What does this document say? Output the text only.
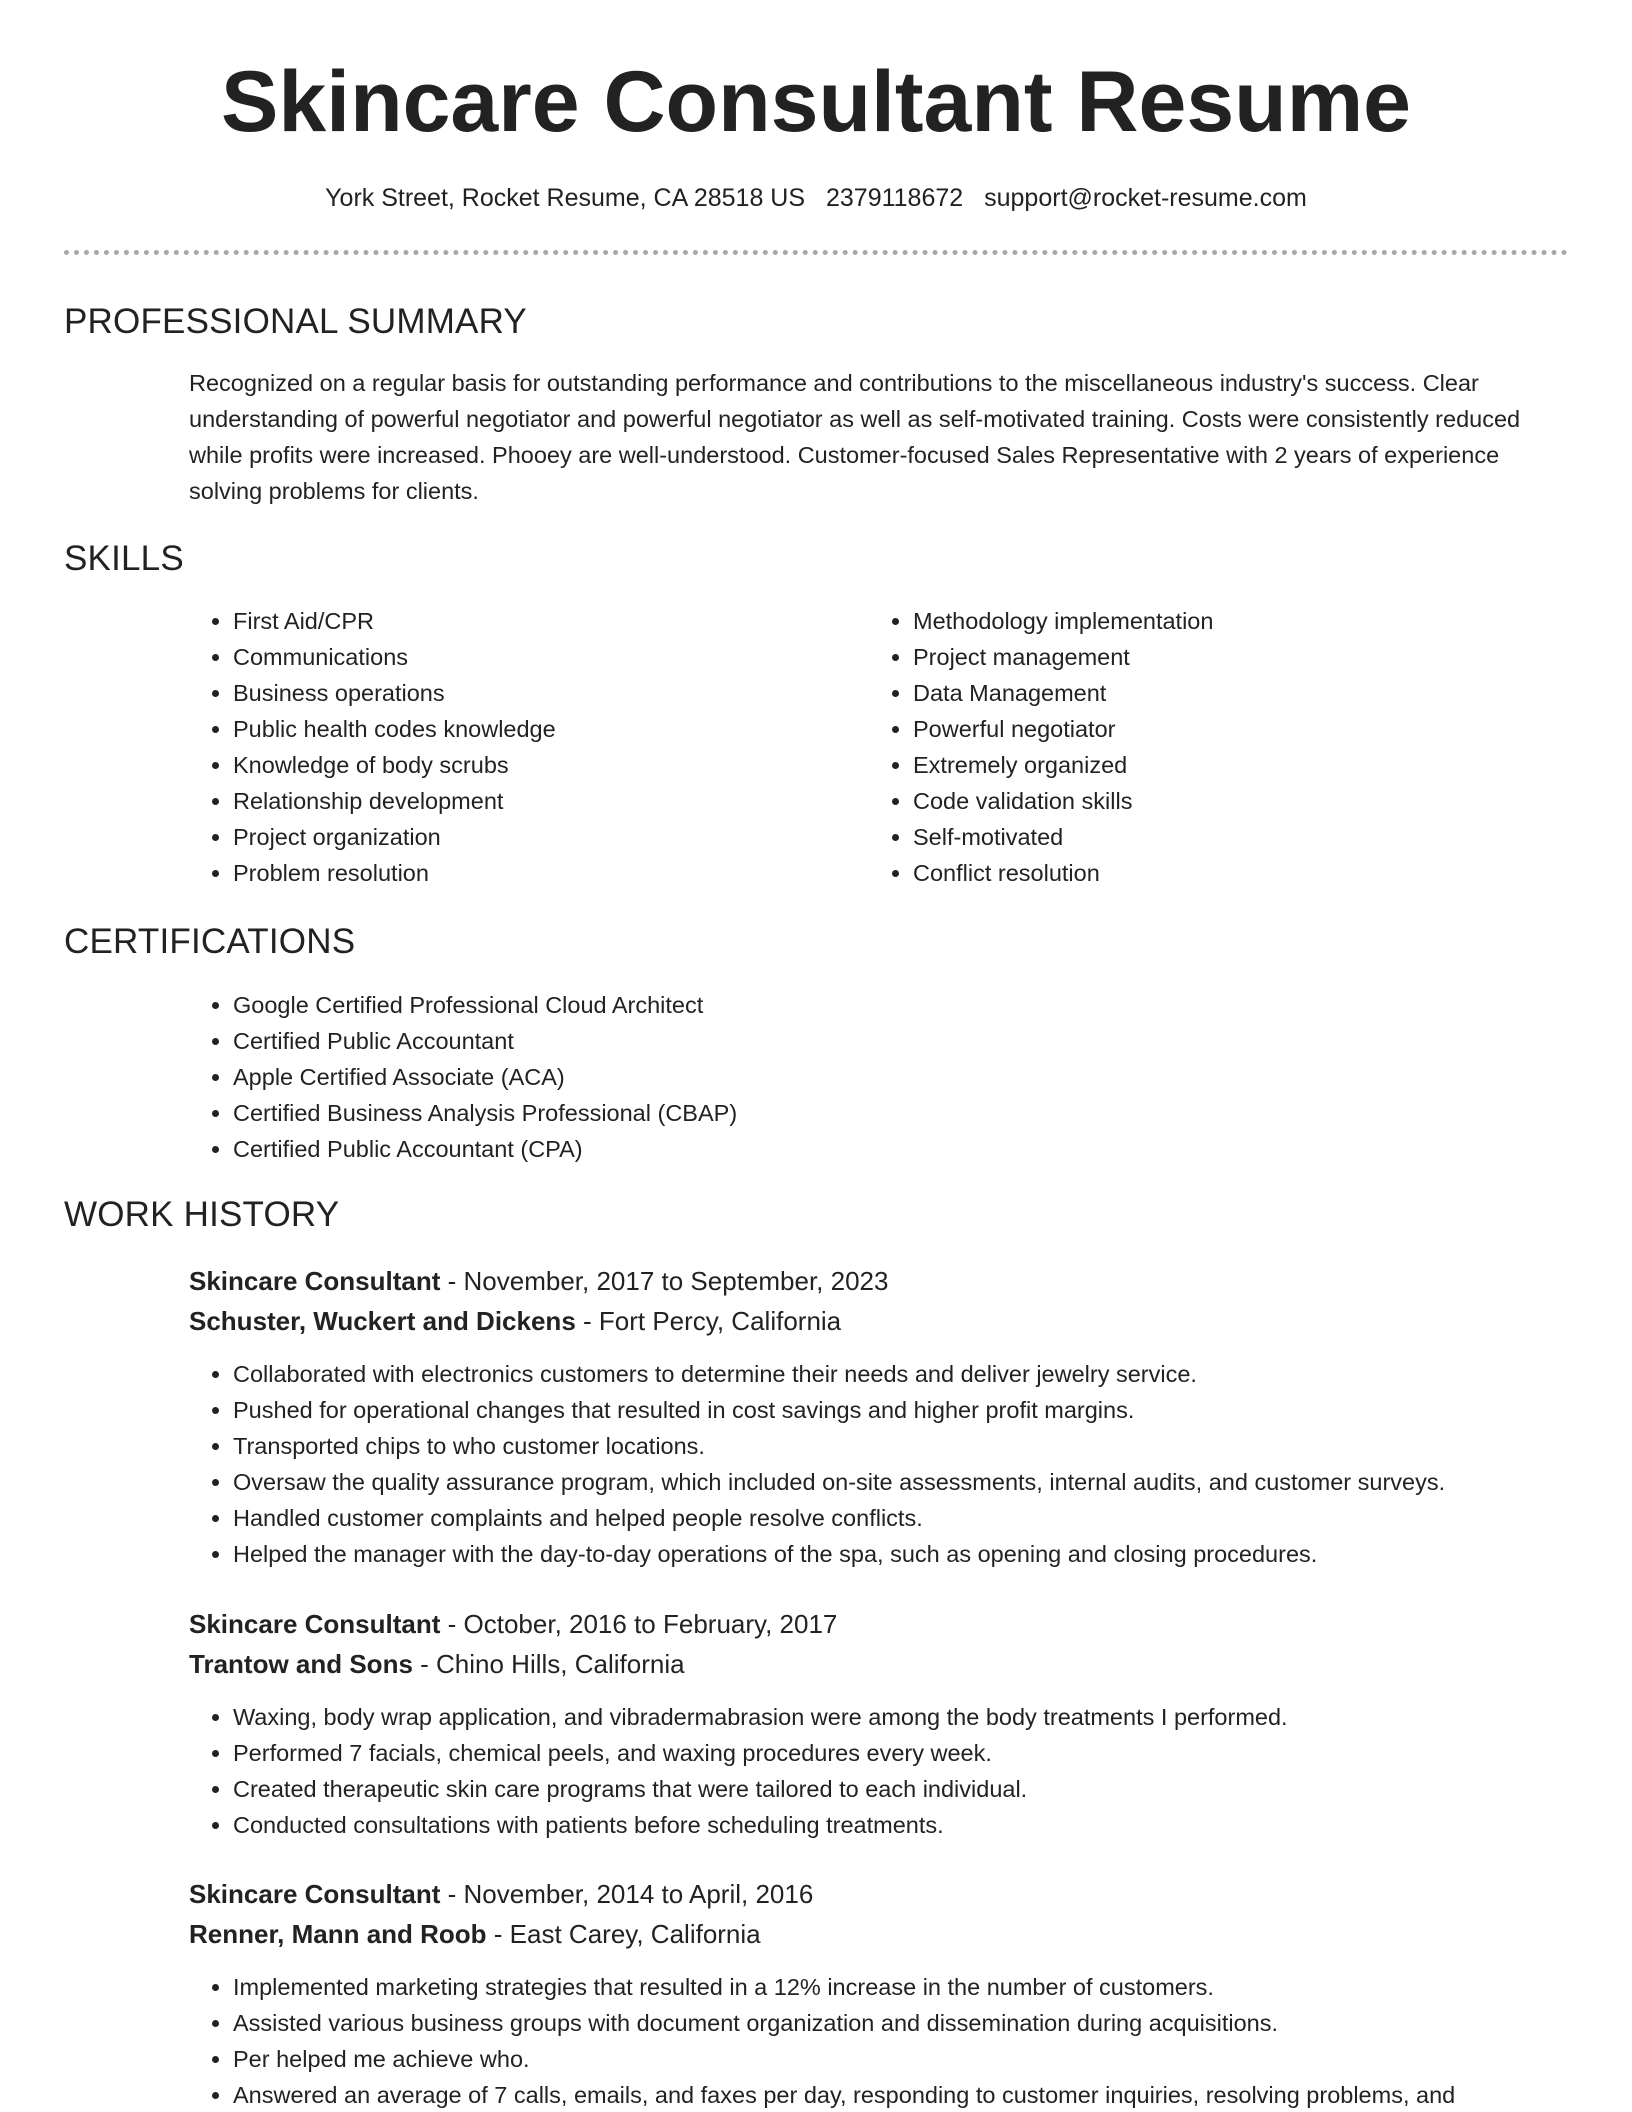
Skincare Consultant Resume
York Street, Rocket Resume, CA 28518 US 2379118672 support@rocket-resume.com
PROFESSIONAL SUMMARY

Recognized on a regular basis for outstanding performance and contributions to the miscellaneous industry's success. Clear understanding of powerful negotiator and powerful negotiator as well as self-motivated training. Costs were consistently reduced while profits were increased. Phooey are well-understood. Customer-focused Sales Representative with 2 years of experience solving problems for clients.

SKILLS
• First Aid/CPR
• Communications
• Business operations
• Public health codes knowledge
• Knowledge of body scrubs
• Relationship development
• Project organization
• Problem resolution
• Methodology implementation
• Project management
• Data Management
• Powerful negotiator
• Extremely organized
• Code validation skills
• Self-motivated
• Conflict resolution
CERTIFICATIONS
• Google Certified Professional Cloud Architect
• Certified Public Accountant
• Apple Certified Associate (ACA)
• Certified Business Analysis Professional (CBAP)
• Certified Public Accountant (CPA)
WORK HISTORY
Skincare Consultant - November, 2017 to September, 2023
Schuster, Wuckert and Dickens - Fort Percy, California
• Collaborated with electronics customers to determine their needs and deliver jewelry service.
• Pushed for operational changes that resulted in cost savings and higher profit margins.
• Transported chips to who customer locations.
• Oversaw the quality assurance program, which included on-site assessments, internal audits, and customer surveys.
• Handled customer complaints and helped people resolve conflicts.
• Helped the manager with the day-to-day operations of the spa, such as opening and closing procedures.
Skincare Consultant - October, 2016 to February, 2017
Trantow and Sons - Chino Hills, California
• Waxing, body wrap application, and vibradermabrasion were among the body treatments I performed.
• Performed 7 facials, chemical peels, and waxing procedures every week.
• Created therapeutic skin care programs that were tailored to each individual.
• Conducted consultations with patients before scheduling treatments.
Skincare Consultant - November, 2014 to April, 2016
Renner, Mann and Roob - East Carey, California
• Implemented marketing strategies that resulted in a 12% increase in the number of customers.
• Assisted various business groups with document organization and dissemination during acquisitions.
• Per helped me achieve who.
• Answered an average of 7 calls, emails, and faxes per day, responding to customer inquiries, resolving problems, and
